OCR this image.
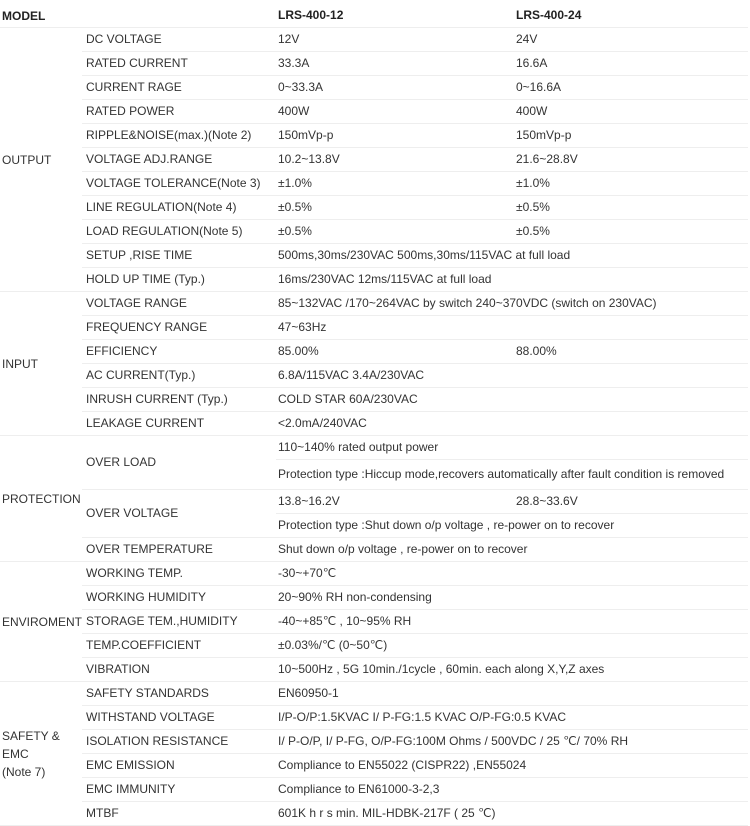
MODEL		LRS-400-12	LRS-400-24
OUTPUT	DC VOLTAGE	12V	24V
	RATED CURRENT	33.3A	16.6A
	CURRENT RAGE	0~33.3A	0~16.6A
	RATED POWER	400W	400W
	RIPPLE&NOISE(max.)(Note 2)	150mVp-p	150mVp-p
	VOLTAGE ADJ.RANGE	10.2~13.8V	21.6~28.8V
	VOLTAGE TOLERANCE(Note 3)	±1.0%	±1.0%
	LINE REGULATION(Note 4)	±0.5%	±0.5%
	LOAD REGULATION(Note 5)	±0.5%	±0.5%
	SETUP ,RISE TIME	500ms,30ms/230VAC 500ms,30ms/115VAC at full load	
	HOLD UP TIME (Typ.)	16ms/230VAC 12ms/115VAC at full load	
INPUT	VOLTAGE RANGE	85~132VAC /170~264VAC by switch 240~370VDC (switch on 230VAC)	
	FREQUENCY RANGE	47~63Hz	
	EFFICIENCY	85.00%	88.00%
	AC CURRENT(Typ.)	6.8A/115VAC 3.4A/230VAC	
	INRUSH CURRENT (Typ.)	COLD STAR 60A/230VAC	
	LEAKAGE CURRENT	<2.0mA/240VAC	
PROTECTION	OVER LOAD	110~140% rated output power	
		Protection type :Hiccup mode,recovers automatically after fault condition is removed	
	OVER VOLTAGE	13.8~16.2V	28.8~33.6V
		Protection type :Shut down o/p voltage , re-power on to recover	
	OVER TEMPERATURE	Shut down o/p voltage , re-power on to recover	
ENVIROMENT	WORKING TEMP.	-30~+70℃	
	WORKING HUMIDITY	20~90% RH non-condensing	
	STORAGE TEM.,HUMIDITY	-40~+85℃ , 10~95% RH	
	TEMP.COEFFICIENT	±0.03%/℃ (0~50℃)	
	VIBRATION	10~500Hz , 5G 10min./1cycle , 60min. each along X,Y,Z axes	

SAFETY &
EMC
(Note 7)	SAFETY STANDARDS	EN60950-1	
	WITHSTAND VOLTAGE	I/P-O/P:1.5KVAC I/ P-FG:1.5 KVAC O/P-FG:0.5 KVAC	
	ISOLATION RESISTANCE	I/ P-O/P, I/ P-FG, O/P-FG:100M Ohms / 500VDC / 25 ℃/ 70% RH	
	EMC EMISSION	Compliance to EN55022 (CISPR22) ,EN55024	
	EMC IMMUNITY	Compliance to EN61000-3-2,3	
	MTBF	601K h r s min. MIL-HDBK-217F ( 25 ℃)	
